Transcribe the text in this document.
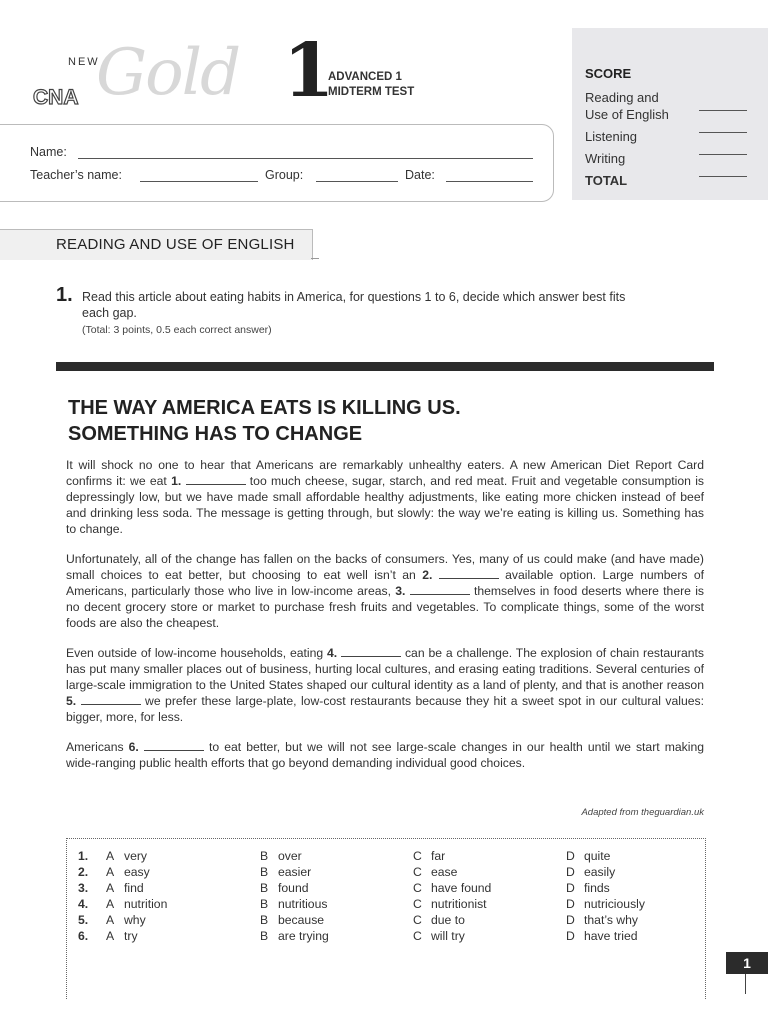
NEW
Gold
CNA	1
ADVANCED 1
MIDTERM TEST
Name:
Teacher’s name:	Group:	Date:
SCORE
Reading and
Use of English
Listening
Writing
TOTAL
READING AND USE OF ENGLISH
1. Read this article about eating habits in America, for questions 1 to 6, decide which answer best fits
each gap.
(Total: 3 points, 0.5 each correct answer)
THE WAY AMERICA EATS IS KILLING US.
SOMETHING HAS TO CHANGE
It will shock no one to hear that Americans are remarkably unhealthy eaters. A new American Diet Report Card confirms it: we eat 1.	too much cheese, sugar, starch, and red meat. Fruit and vegetable consumption is depressingly low, but we have made small affordable healthy adjustments, like eating more chicken instead of beef and drinking less soda. The message is getting through, but slowly: the way we’re eating is killing us. Something has to change.
Unfortunately, all of the change has fallen on the backs of consumers. Yes, many of us could make (and have made) small choices to eat better, but choosing to eat well isn’t an 2.	available option. Large numbers of Americans, particularly those who live in low-income areas, 3.	themselves in food deserts where there is no decent grocery store or market to purchase fresh fruits and vegetables. To complicate things, some of the worst foods are also the cheapest.
Even outside of low-income households, eating 4.	can be a challenge. The explosion of chain restaurants has put many smaller places out of business, hurting local cultures, and erasing eating traditions. Several centuries of large-scale immigration to the United States shaped our cultural identity as a land of plenty, and that is another reason 5.	we prefer these large-plate, low-cost restaurants because they hit a sweet spot in our cultural values: bigger, more, for less.
Americans 6.	to eat better, but we will not see large-scale changes in our health until we start making wide-ranging public health efforts that go beyond demanding individual good choices.
Adapted from theguardian.uk
1. A very	B over	C far	D quite
2. A easy	B easier	C ease	D easily
3. A find	B found	C have found	D finds
4. A nutrition	B nutritious	C nutritionist	D nutriciously
5. A why	B because	C due to	D that’s why
6. A try	B are trying	C will try	D have tried
1
